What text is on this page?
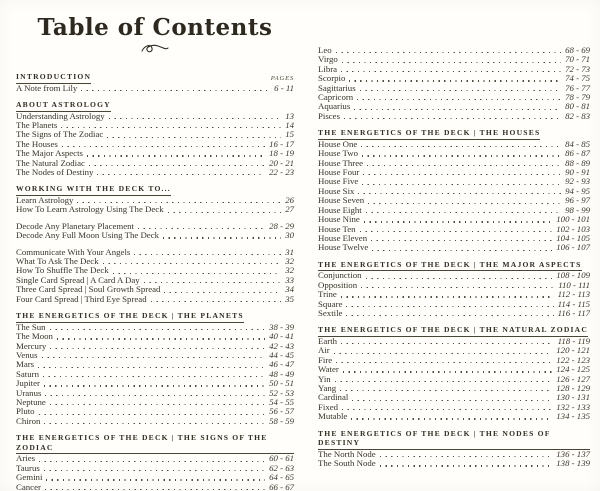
Table of Contents
INTRODUCTION	PAGES
A Note from Lily	6 - 11
ABOUT ASTROLOGY
Understanding Astrology	13
The Planets	14
The Signs of The Zodiac	15
The Houses	16 - 17
The Major Aspects	18 - 19
The Natural Zodiac	20 - 21
The Nodes of Destiny	22 - 23
WORKING WITH THE DECK TO...
Learn Astrology	26
How To Learn Astrology Using The Deck	27
Decode Any Planetary Placement	28 - 29
Decode Any Full Moon Using The Deck	30
Communicate With Your Angels	31
What To Ask The Deck	32
How To Shuffle The Deck	32
Single Card Spread | A Card A Day	33
Three Card Spread | Soul Growth Spread	34
Four Card Spread | Third Eye Spread	35
THE ENERGETICS OF THE DECK | THE PLANETS
The Sun	38 - 39
The Moon	40 - 41
Mercury	42 - 43
Venus	44 - 45
Mars	46 - 47
Saturn	48 - 49
Jupiter	50 - 51
Uranus	52 - 53
Neptune	54 - 55
Pluto	56 - 57
Chiron	58 - 59
THE ENERGETICS OF THE DECK | THE SIGNS OF THE ZODIAC
Aries	60 - 61
Taurus	62 - 63
Gemini	64 - 65
Cancer	66 - 67
Leo	68 - 69
Virgo	70 - 71
Libra	72 - 73
Scorpio	74 - 75
Sagittarius	76 - 77
Capricorn	78 - 79
Aquarius	80 - 81
Pisces	82 - 83
THE ENERGETICS OF THE DECK | THE HOUSES
House One	84 - 85
House Two	86 - 87
House Three	88 - 89
House Four	90 - 91
House Five	92 - 93
House Six	94 - 95
House Seven	96 - 97
House Eight	98 - 99
House Nine	100 - 101
House Ten	102 - 103
House Eleven	104 - 105
House Twelve	106 - 107
THE ENERGETICS OF THE DECK | THE MAJOR ASPECTS
Conjunction	108 - 109
Opposition	110 - 111
Trine	112 - 113
Square	114 - 115
Sextile	116 - 117
THE ENERGETICS OF THE DECK | THE NATURAL ZODIAC
Earth	118 - 119
Air	120 - 121
Fire	122 - 123
Water	124 - 125
Yin	126 - 127
Yang	128 - 129
Cardinal	130 - 131
Fixed	132 - 133
Mutable	134 - 135
THE ENERGETICS OF THE DECK | THE NODES OF DESTINY
The North Node	136 - 137
The South Node	138 - 139
